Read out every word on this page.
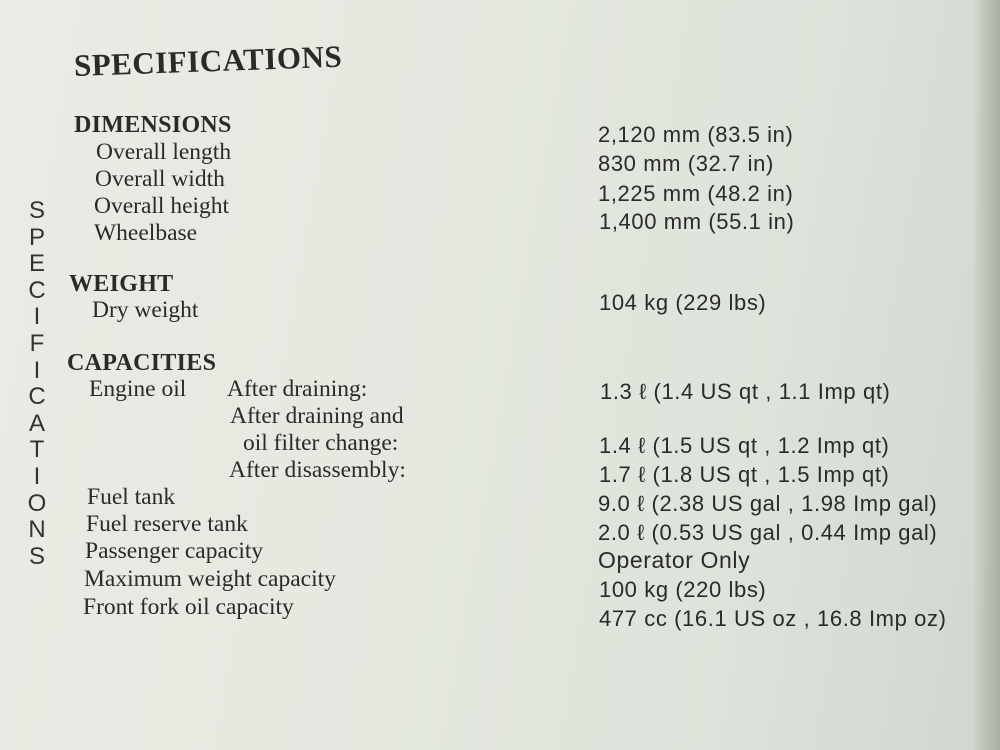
S
P
E
C
I
F
I
C
A
T
I
O
N
S
SPECIFICATIONS
DIMENSIONS
Overall length
Overall width
Overall height
Wheelbase
2,120 mm (83.5 in)
830 mm (32.7 in)
1,225 mm (48.2 in)
1,400 mm (55.1 in)
WEIGHT
Dry weight	104 kg (229 lbs)
CAPACITIES
Engine oil After draining:
After draining and
oil filter change:
After disassembly:
1.3 ℓ (1.4 US qt , 1.1 Imp qt)
1.4 ℓ (1.5 US qt , 1.2 Imp qt)
1.7 ℓ (1.8 US qt , 1.5 Imp qt)
Fuel tank
Fuel reserve tank
Passenger capacity
Maximum weight capacity
Front fork oil capacity
9.0 ℓ (2.38 US gal , 1.98 Imp gal)
2.0 ℓ (0.53 US gal , 0.44 Imp gal)
Operator Only
100 kg (220 lbs)
477 cc (16.1 US oz , 16.8 Imp oz)
